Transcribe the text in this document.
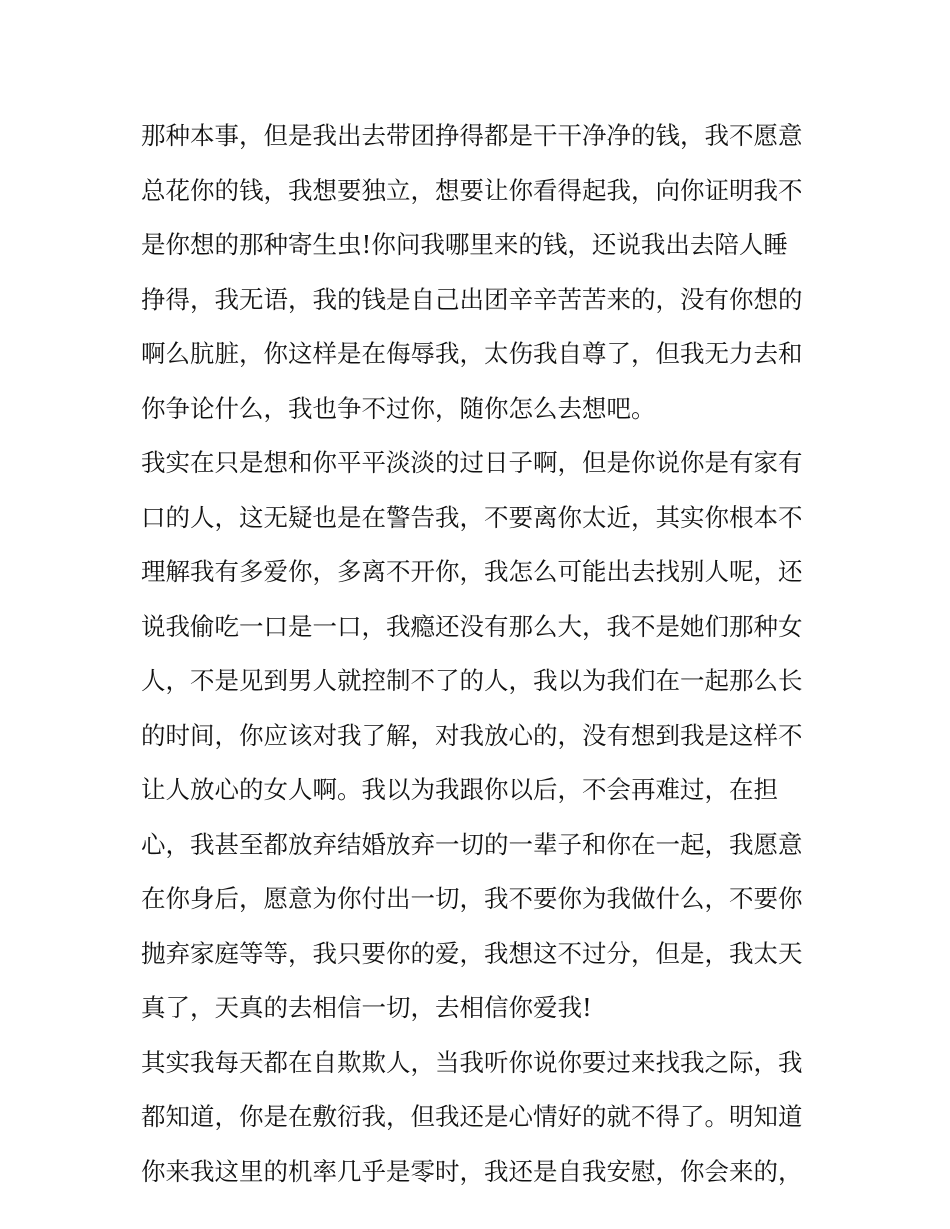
那种本事，但是我出去带团挣得都是干干净净的钱，我不愿意
总花你的钱，我想要独立，想要让你看得起我，向你证明我不
是你想的那种寄生虫!你问我哪里来的钱，还说我出去陪人睡
挣得，我无语，我的钱是自己出团辛辛苦苦来的，没有你想的
啊么肮脏，你这样是在侮辱我，太伤我自尊了，但我无力去和
你争论什么，我也争不过你，随你怎么去想吧。
我实在只是想和你平平淡淡的过日子啊，但是你说你是有家有
口的人，这无疑也是在警告我，不要离你太近，其实你根本不
理解我有多爱你，多离不开你，我怎么可能出去找别人呢，还
说我偷吃一口是一口，我瘾还没有那么大，我不是她们那种女
人，不是见到男人就控制不了的人，我以为我们在一起那么长
的时间，你应该对我了解，对我放心的，没有想到我是这样不
让人放心的女人啊。我以为我跟你以后，不会再难过，在担
心，我甚至都放弃结婚放弃一切的一辈子和你在一起，我愿意
在你身后，愿意为你付出一切，我不要你为我做什么，不要你
抛弃家庭等等，我只要你的爱，我想这不过分，但是，我太天
真了，天真的去相信一切，去相信你爱我!
其实我每天都在自欺欺人，当我听你说你要过来找我之际，我
都知道，你是在敷衍我，但我还是心情好的就不得了。明知道
你来我这里的机率几乎是零时，我还是自我安慰，你会来的，
